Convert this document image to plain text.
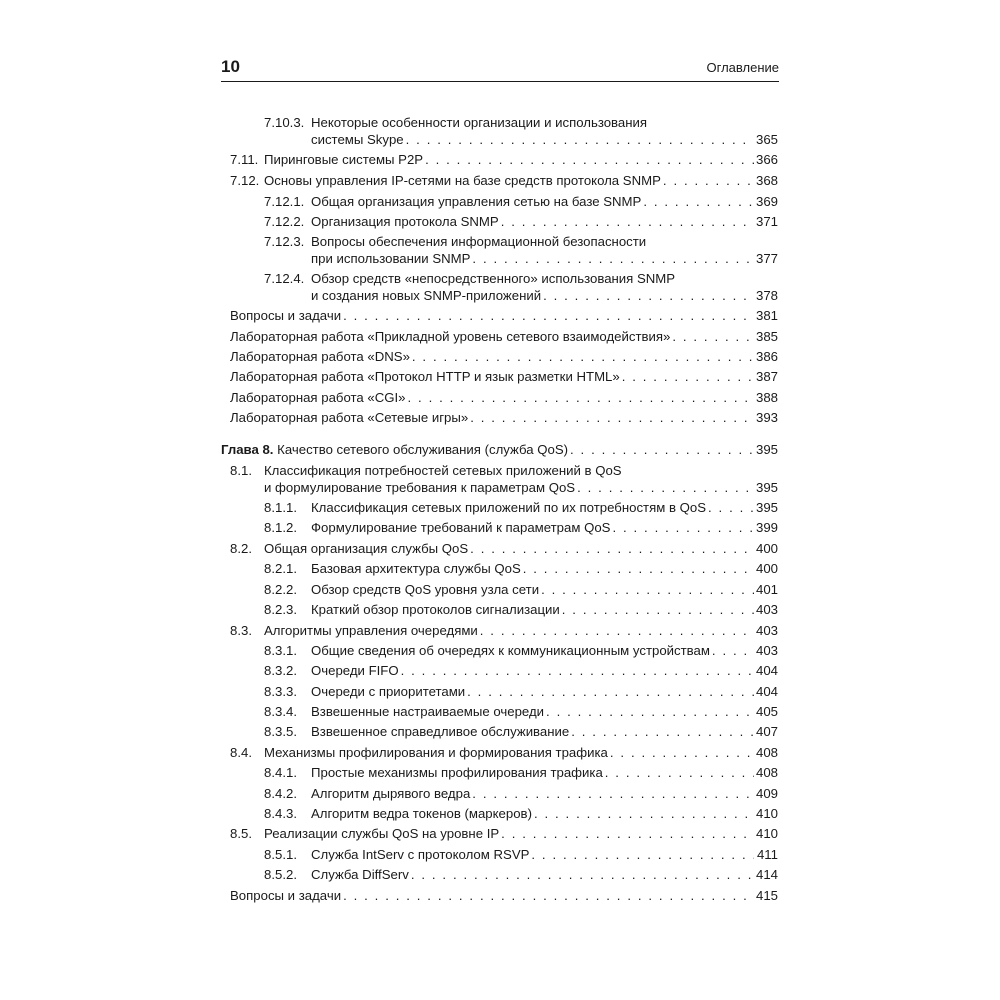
10	Оглавление
7.10.3. Некоторые особенности организации и использования
системы Skype . . .	365
7.11. Пиринговые системы P2P . . .	366
7.12. Основы управления IP-сетями на базе средств протокола SNMP . . .	368
7.12.1. Общая организация управления сетью на базе SNMP . . .	369
7.12.2. Организация протокола SNMP . . .	371
7.12.3. Вопросы обеспечения информационной безопасности
при использовании SNMP . . .	377
7.12.4. Обзор средств «непосредственного» использования SNMP
и создания новых SNMP-приложений . . .	378
Вопросы и задачи . . .	381
Лабораторная работа «Прикладной уровень сетевого взаимодействия» . . .	385
Лабораторная работа «DNS» . . .	386
Лабораторная работа «Протокол HTTP и язык разметки HTML» . . .	387
Лабораторная работа «CGI» . . .	388
Лабораторная работа «Сетевые игры» . . .	393
Глава 8. Качество сетевого обслуживания (служба QoS) . . .	395
8.1. Классификация потребностей сетевых приложений в QoS
и формулирование требования к параметрам QoS . . .	395
8.1.1. Классификация сетевых приложений по их потребностям в QoS . . .	395
8.1.2. Формулирование требований к параметрам QoS . . .	399
8.2. Общая организация службы QoS . . .	400
8.2.1. Базовая архитектура службы QoS . . .	400
8.2.2. Обзор средств QoS уровня узла сети . . .	401
8.2.3. Краткий обзор протоколов сигнализации . . .	403
8.3. Алгоритмы управления очередями . . .	403
8.3.1. Общие сведения об очередях к коммуникационным устройствам . . .	403
8.3.2. Очереди FIFO . . .	404
8.3.3. Очереди с приоритетами . . .	404
8.3.4. Взвешенные настраиваемые очереди . . .	405
8.3.5. Взвешенное справедливое обслуживание . . .	407
8.4. Механизмы профилирования и формирования трафика . . .	408
8.4.1. Простые механизмы профилирования трафика . . .	408
8.4.2. Алгоритм дырявого ведра . . .	409
8.4.3. Алгоритм ведра токенов (маркеров) . . .	410
8.5. Реализации службы QoS на уровне IP . . .	410
8.5.1. Служба IntServ с протоколом RSVP . . .	411
8.5.2. Служба DiffServ . . .	414
Вопросы и задачи . . .	415
